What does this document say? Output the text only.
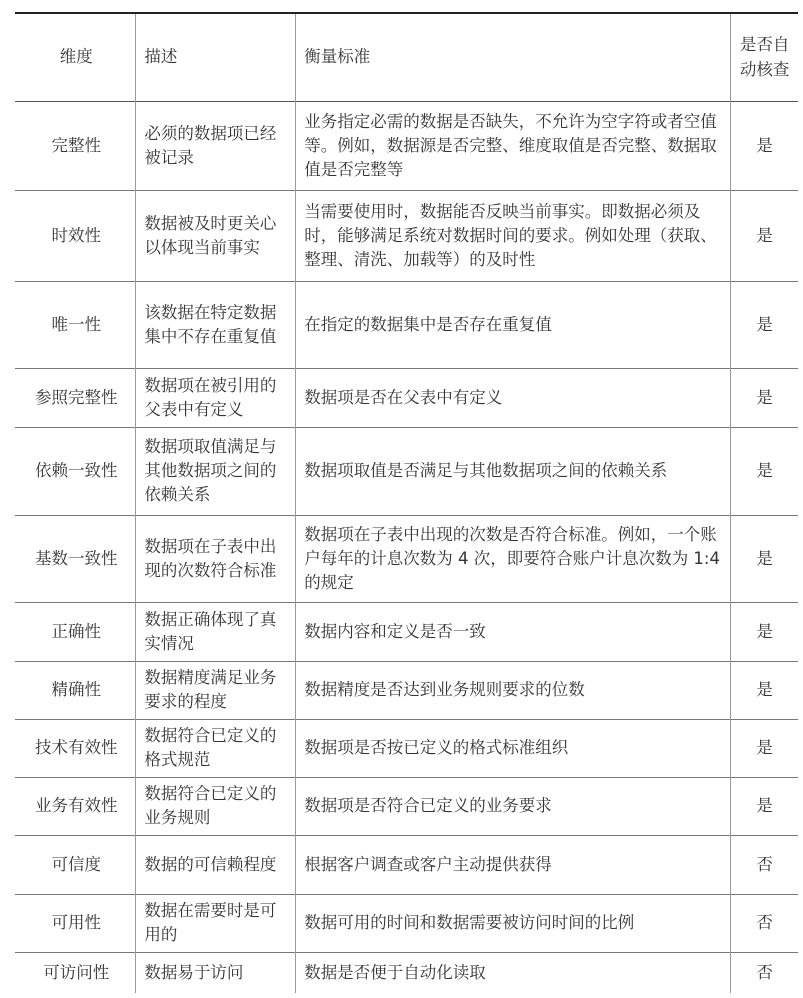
维度	描述	衡量标准	是否自动核查
完整性	必须的数据项已经被记录	业务指定必需的数据是否缺失，不允许为空字符或者空值等。例如，数据源是否完整、维度取值是否完整、数据取值是否完整等	是
时效性	数据被及时更关心以体现当前事实	当需要使用时，数据能否反映当前事实。即数据必须及时，能够满足系统对数据时间的要求。例如处理（获取、整理、清洗、加载等）的及时性	是
唯一性	该数据在特定数据集中不存在重复值	在指定的数据集中是否存在重复值	是
参照完整性	数据项在被引用的父表中有定义	数据项是否在父表中有定义	是
依赖一致性	数据项取值满足与其他数据项之间的依赖关系	数据项取值是否满足与其他数据项之间的依赖关系	是
基数一致性	数据项在子表中出现的次数符合标准	数据项在子表中出现的次数是否符合标准。例如，一个账户每年的计息次数为 4 次，即要符合账户计息次数为 1:4 的规定	是
正确性	数据正确体现了真实情况	数据内容和定义是否一致	是
精确性	数据精度满足业务要求的程度	数据精度是否达到业务规则要求的位数	是
技术有效性	数据符合已定义的格式规范	数据项是否按已定义的格式标准组织	是
业务有效性	数据符合已定义的业务规则	数据项是否符合已定义的业务要求	是
可信度	数据的可信赖程度	根据客户调查或客户主动提供获得	否
可用性	数据在需要时是可用的	数据可用的时间和数据需要被访问时间的比例	否
可访问性	数据易于访问	数据是否便于自动化读取	否
